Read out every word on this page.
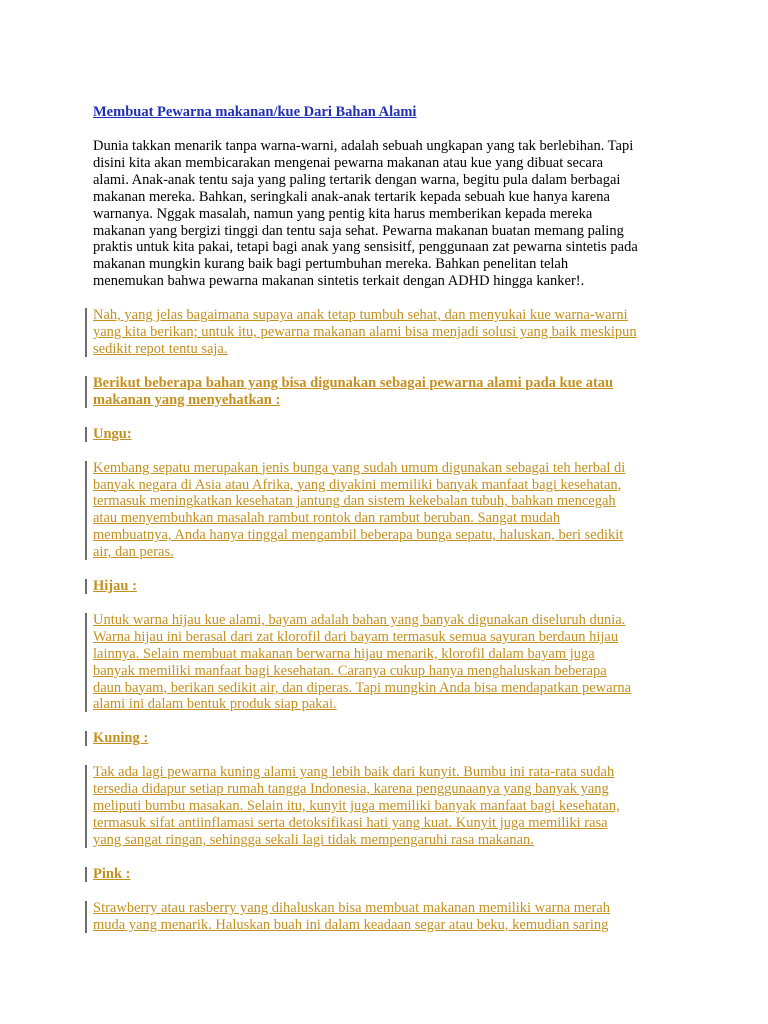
Membuat Pewarna makanan/kue Dari Bahan Alami
Dunia takkan menarik tanpa warna-warni, adalah sebuah ungkapan yang tak berlebihan. Tapi
disini kita akan membicarakan mengenai pewarna makanan atau kue yang dibuat secara
alami. Anak-anak tentu saja yang paling tertarik dengan warna, begitu pula dalam berbagai
makanan mereka. Bahkan, seringkali anak-anak tertarik kepada sebuah kue hanya karena
warnanya. Nggak masalah, namun yang pentig kita harus memberikan kepada mereka
makanan yang bergizi tinggi dan tentu saja sehat. Pewarna makanan buatan memang paling
praktis untuk kita pakai, tetapi bagi anak yang sensisitf, penggunaan zat pewarna sintetis pada
makanan mungkin kurang baik bagi pertumbuhan mereka. Bahkan penelitan telah
menemukan bahwa pewarna makanan sintetis terkait dengan ADHD hingga kanker!.
Nah, yang jelas bagaimana supaya anak tetap tumbuh sehat, dan menyukai kue warna-warni
yang kita berikan; untuk itu, pewarna makanan alami bisa menjadi solusi yang baik meskipun
sedikit repot tentu saja.
Berikut beberapa bahan yang bisa digunakan sebagai pewarna alami pada kue atau
makanan yang menyehatkan :
Ungu:
Kembang sepatu merupakan jenis bunga yang sudah umum digunakan sebagai teh herbal di
banyak negara di Asia atau Afrika, yang diyakini memiliki banyak manfaat bagi kesehatan,
termasuk meningkatkan kesehatan jantung dan sistem kekebalan tubuh, bahkan mencegah
atau menyembuhkan masalah rambut rontok dan rambut beruban. Sangat mudah
membuatnya, Anda hanya tinggal mengambil beberapa bunga sepatu, haluskan, beri sedikit
air, dan peras.
Hijau :
Untuk warna hijau kue alami, bayam adalah bahan yang banyak digunakan diseluruh dunia.
Warna hijau ini berasal dari zat klorofil dari bayam termasuk semua sayuran berdaun hijau
lainnya. Selain membuat makanan berwarna hijau menarik, klorofil dalam bayam juga
banyak memiliki manfaat bagi kesehatan. Caranya cukup hanya menghaluskan beberapa
daun bayam, berikan sedikit air, dan diperas. Tapi mungkin Anda bisa mendapatkan pewarna
alami ini dalam bentuk produk siap pakai.
Kuning :
Tak ada lagi pewarna kuning alami yang lebih baik dari kunyit. Bumbu ini rata-rata sudah
tersedia didapur setiap rumah tangga Indonesia, karena penggunaanya yang banyak yang
meliputi bumbu masakan. Selain itu, kunyit juga memiliki banyak manfaat bagi kesehatan,
termasuk sifat antiinflamasi serta detoksifikasi hati yang kuat. Kunyit juga memiliki rasa
yang sangat ringan, sehingga sekali lagi tidak mempengaruhi rasa makanan.
Pink :
Strawberry atau rasberry yang dihaluskan bisa membuat makanan memiliki warna merah
muda yang menarik. Haluskan buah ini dalam keadaan segar atau beku, kemudian saring
